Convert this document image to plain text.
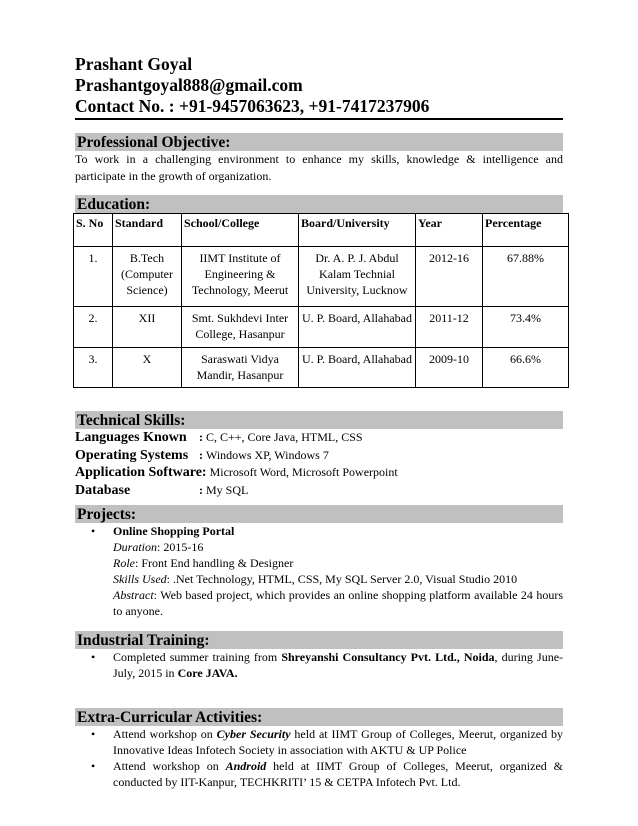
Prashant Goyal
Prashantgoyal888@gmail.com
Contact No. : +91-9457063623, +91-7417237906
Professional Objective:
To work in a challenging environment to enhance my skills, knowledge & intelligence and participate in the growth of organization.
Education:
S. No	Standard	School/College	Board/University	Year	Percentage
1.	B.Tech (Computer Science)	IIMT Institute of Engineering & Technology, Meerut	Dr. A. P. J. Abdul Kalam Technial University, Lucknow	2012-16	67.88%
2.	XII	Smt. Sukhdevi Inter College, Hasanpur	U. P. Board, Allahabad	2011-12	73.4%
3.	X	Saraswati Vidya Mandir, Hasanpur	U. P. Board, Allahabad	2009-10	66.6%
Technical Skills:
Languages Known : C, C++, Core Java, HTML, CSS
Operating Systems : Windows XP, Windows 7
Application Software: Microsoft Word, Microsoft Powerpoint
Database	: My SQL
Projects:
• Online Shopping Portal
Duration: 2015-16
Role: Front End handling & Designer
Skills Used: .Net Technology, HTML, CSS, My SQL Server 2.0, Visual Studio 2010
Abstract: Web based project, which provides an online shopping platform available 24 hours to anyone.
Industrial Training:
• Completed summer training from Shreyanshi Consultancy Pvt. Ltd., Noida, during June- July, 2015 in Core JAVA.
Extra-Curricular Activities:
• Attend workshop on Cyber Security held at IIMT Group of Colleges, Meerut, organized by Innovative Ideas Infotech Society in association with AKTU & UP Police
• Attend workshop on Android held at IIMT Group of Colleges, Meerut, organized & conducted by IIT-Kanpur, TECHKRITI’ 15 & CETPA Infotech Pvt. Ltd.
